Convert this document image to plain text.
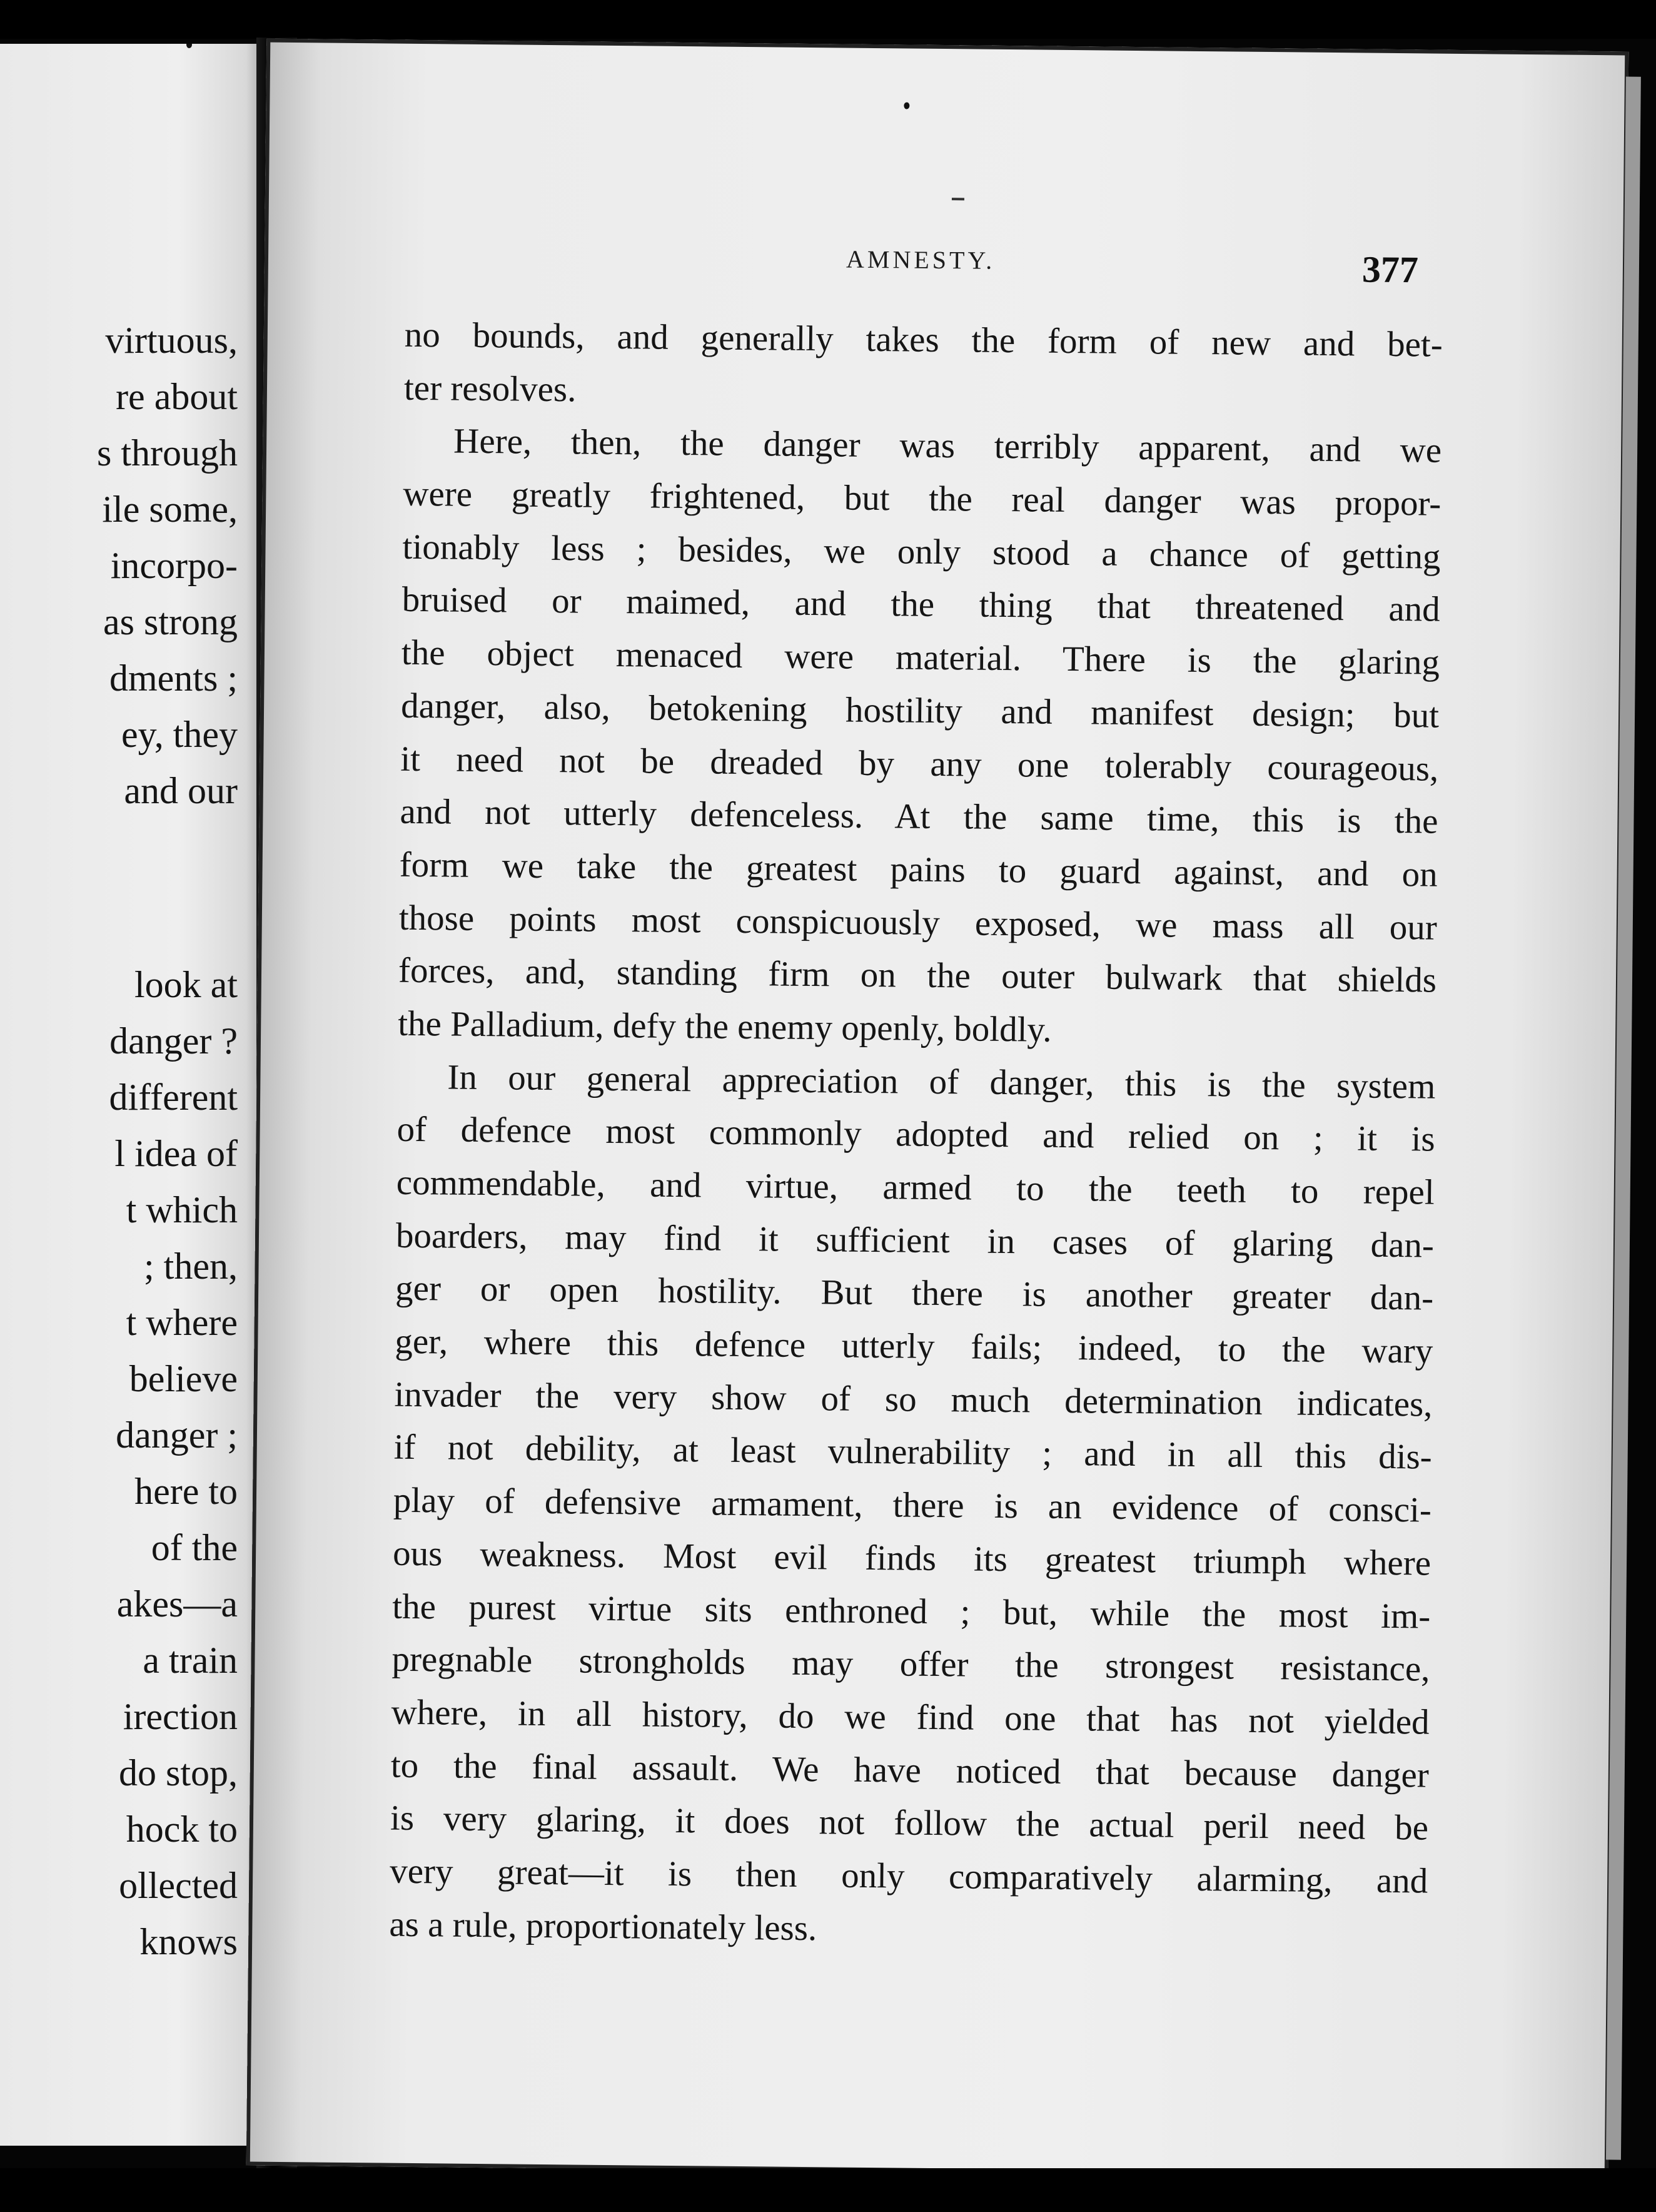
virtuous,
re about
s through
ile some,
incorpo-
as strong
dments ;
ey, they
and our
look at
danger ?
different
l idea of
t which
; then,
t where
believe
danger ;
here to
of the
akes—a
a train
irection
do stop,
hock to
ollected
knows
AMNESTY.	377
no bounds, and generally takes the form of new and bet-
ter resolves.
Here, then, the danger was terribly apparent, and we
were greatly frightened, but the real danger was propor-
tionably less ; besides, we only stood a chance of getting
bruised or maimed, and the thing that threatened and
the object menaced were material. There is the glaring
danger, also, betokening hostility and manifest design; but
it need not be dreaded by any one tolerably courageous,
and not utterly defenceless. At the same time, this is the
form we take the greatest pains to guard against, and on
those points most conspicuously exposed, we mass all our
forces, and, standing firm on the outer bulwark that shields
the Palladium, defy the enemy openly, boldly.
In our general appreciation of danger, this is the system
of defence most commonly adopted and relied on ; it is
commendable, and virtue, armed to the teeth to repel
boarders, may find it sufficient in cases of glaring dan-
ger or open hostility. But there is another greater dan-
ger, where this defence utterly fails; indeed, to the wary
invader the very show of so much determination indicates,
if not debility, at least vulnerability ; and in all this dis-
play of defensive armament, there is an evidence of consci-
ous weakness. Most evil finds its greatest triumph where
the purest virtue sits enthroned ; but, while the most im-
pregnable strongholds may offer the strongest resistance,
where, in all history, do we find one that has not yielded
to the final assault. We have noticed that because danger
is very glaring, it does not follow the actual peril need be
very great—it is then only comparatively alarming, and
as a rule, proportionately less.
